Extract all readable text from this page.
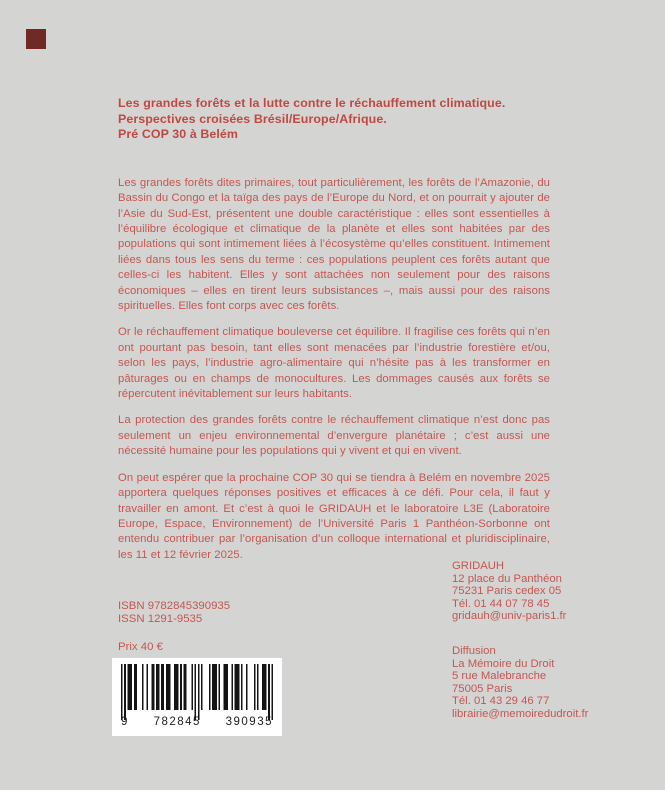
Les grandes forêts et la lutte contre le réchauffement climatique.
Perspectives croisées Brésil/Europe/Afrique.
Pré COP 30 à Belém

Les grandes forêts dites primaires, tout particulièrement, les forêts de l’Amazonie, du Bassin du Congo et la taïga des pays de l’Europe du Nord, et on pourrait y ajouter de l’Asie du Sud-Est, présentent une double caractéristique : elles sont essentielles à l’équilibre écologique et climatique de la planète et elles sont habitées par des populations qui sont intimement liées à l’écosystème qu’elles constituent. Intimement liées dans tous les sens du terme : ces populations peuplent ces forêts autant que celles-ci les habitent. Elles y sont attachées non seulement pour des raisons économiques – elles en tirent leurs subsistances –, mais aussi pour des raisons spirituelles. Elles font corps avec ces forêts.

Or le réchauffement climatique bouleverse cet équilibre. Il fragilise ces forêts qui n’en ont pourtant pas besoin, tant elles sont menacées par l’industrie forestière et/ou, selon les pays, l’industrie agro-alimentaire qui n’hésite pas à les transformer en pâturages ou en champs de monocultures. Les dommages causés aux forêts se répercutent inévitablement sur leurs habitants.

La protection des grandes forêts contre le réchauffement climatique n’est donc pas seulement un enjeu environnemental d’envergure planétaire ; c’est aussi une nécessité humaine pour les populations qui y vivent et qui en vivent.

On peut espérer que la prochaine COP 30 qui se tiendra à Belém en novembre 2025 apportera quelques réponses positives et efficaces à ce défi. Pour cela, il faut y travailler en amont. Et c’est à quoi le GRIDAUH et le laboratoire L3E (Laboratoire Europe, Espace, Environnement) de l’Université Paris 1 Panthéon-Sorbonne ont entendu contribuer par l’organisation d’un colloque international et pluridisciplinaire, les 11 et 12 février 2025.

ISBN 9782845390935
ISSN 1291-9535
Prix 40 €
GRIDAUH
12 place du Panthéon
75231 Paris cedex 05
Tél. 01 44 07 78 45
gridauh@univ-paris1.fr
Diffusion
La Mémoire du Droit
5 rue Malebranche
75005 Paris
Tél. 01 43 29 46 77
librairie@memoiredudroit.fr
9 782845 390935
